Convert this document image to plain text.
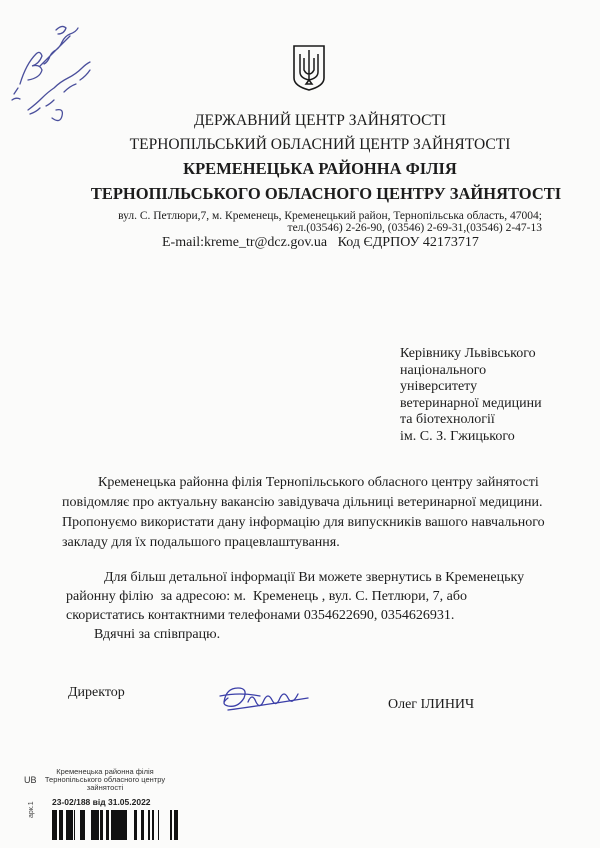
ДЕРЖАВНИЙ ЦЕНТР ЗАЙНЯТОСТІ
ТЕРНОПІЛЬСЬКИЙ ОБЛАСНИЙ ЦЕНТР ЗАЙНЯТОСТІ
КРЕМЕНЕЦЬКА РАЙОННА ФІЛІЯ
ТЕРНОПІЛЬСЬКОГО ОБЛАСНОГО ЦЕНТРУ ЗАЙНЯТОСТІ
вул. С. Петлюри,7, м. Кременець, Кременецький район, Тернопільська область, 47004;
тел.(03546) 2-26-90, (03546) 2-69-31,(03546) 2-47-13
E-mail:kreme_tr@dcz.gov.ua   Код ЄДРПОУ 42173717
Керівнику Львівського
національного
університету
ветеринарної медицини
та біотехнології
ім. С. З. Гжицького
Кременецька районна філія Тернопільського обласного центру зайнятості
повідомляє про актуальну вакансію завідувача дільниці ветеринарної медицини.
Пропонуємо використати дану інформацію для випускників вашого навчального
закладу для їх подальшого працевлаштування.
Для більш детальної інформації Ви можете звернутись в Кременецьку
районну філію  за адресою: м.  Кременець , вул. С. Петлюри, 7, або
скористатись контактними телефонами 0354622690, 0354626931.
Вдячні за співпрацю.
Директор
Олег ІЛИНИЧ
UB
Кременецька районна філія
Тернопільського обласного центру
зайнятості
23-02/188 від 31.05.2022
арк.1
